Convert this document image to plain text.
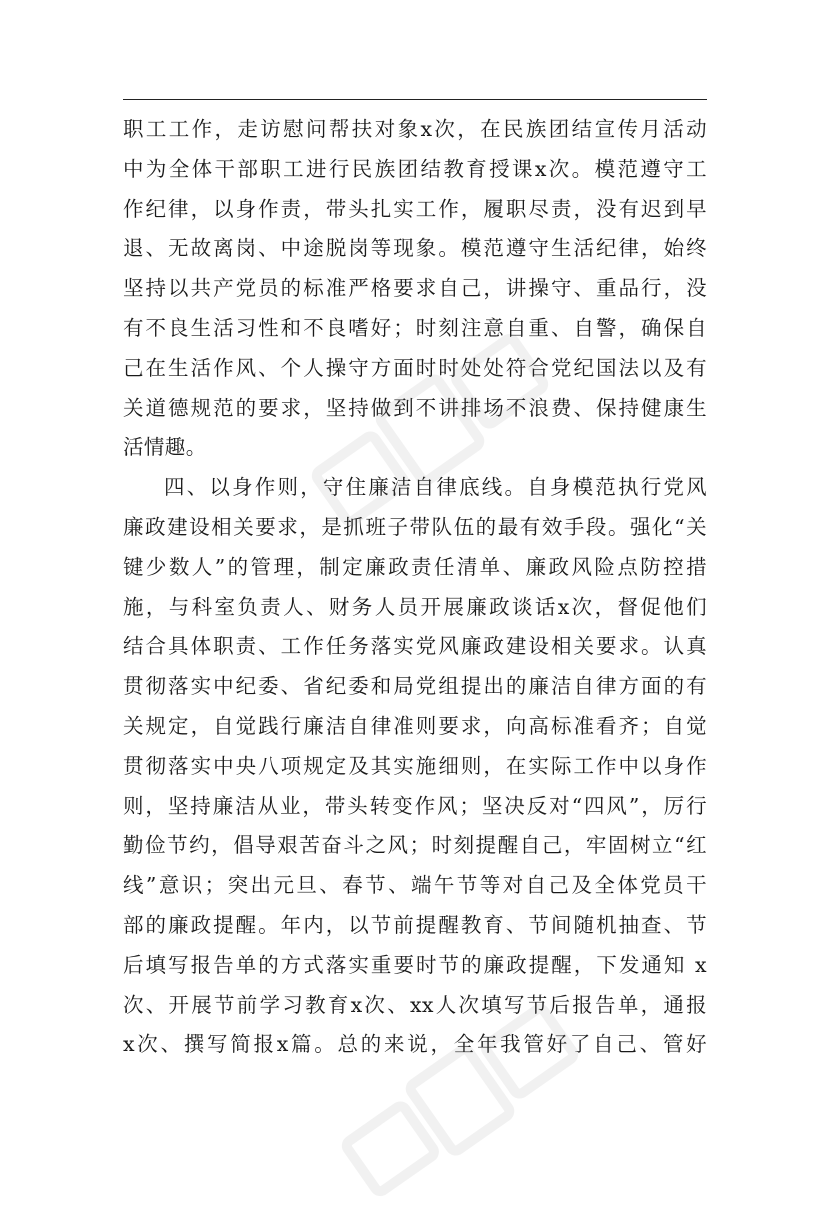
职工工作，走访慰问帮扶对象x次，在民族团结宣传月活动
中为全体干部职工进行民族团结教育授课x次。模范遵守工
作纪律，以身作责，带头扎实工作，履职尽责，没有迟到早
退、无故离岗、中途脱岗等现象。模范遵守生活纪律，始终
坚持以共产党员的标准严格要求自己，讲操守、重品行，没
有不良生活习性和不良嗜好；时刻注意自重、自警，确保自
己在生活作风、个人操守方面时时处处符合党纪国法以及有
关道德规范的要求，坚持做到不讲排场不浪费、保持健康生
活情趣。
四、以身作则，守住廉洁自律底线。自身模范执行党风
廉政建设相关要求，是抓班子带队伍的最有效手段。强化“关
键少数人”的管理，制定廉政责任清单、廉政风险点防控措
施，与科室负责人、财务人员开展廉政谈话x次，督促他们
结合具体职责、工作任务落实党风廉政建设相关要求。认真
贯彻落实中纪委、省纪委和局党组提出的廉洁自律方面的有
关规定，自觉践行廉洁自律准则要求，向高标准看齐；自觉
贯彻落实中央八项规定及其实施细则，在实际工作中以身作
则，坚持廉洁从业，带头转变作风；坚决反对“四风”，厉行
勤俭节约，倡导艰苦奋斗之风；时刻提醒自己，牢固树立“红
线”意识；突出元旦、春节、端午节等对自己及全体党员干
部的廉政提醒。年内，以节前提醒教育、节间随机抽查、节
后填写报告单的方式落实重要时节的廉政提醒，下发通知 x
次、开展节前学习教育x次、xx人次填写节后报告单，通报
x次、撰写简报x篇。总的来说，全年我管好了自己、管好
